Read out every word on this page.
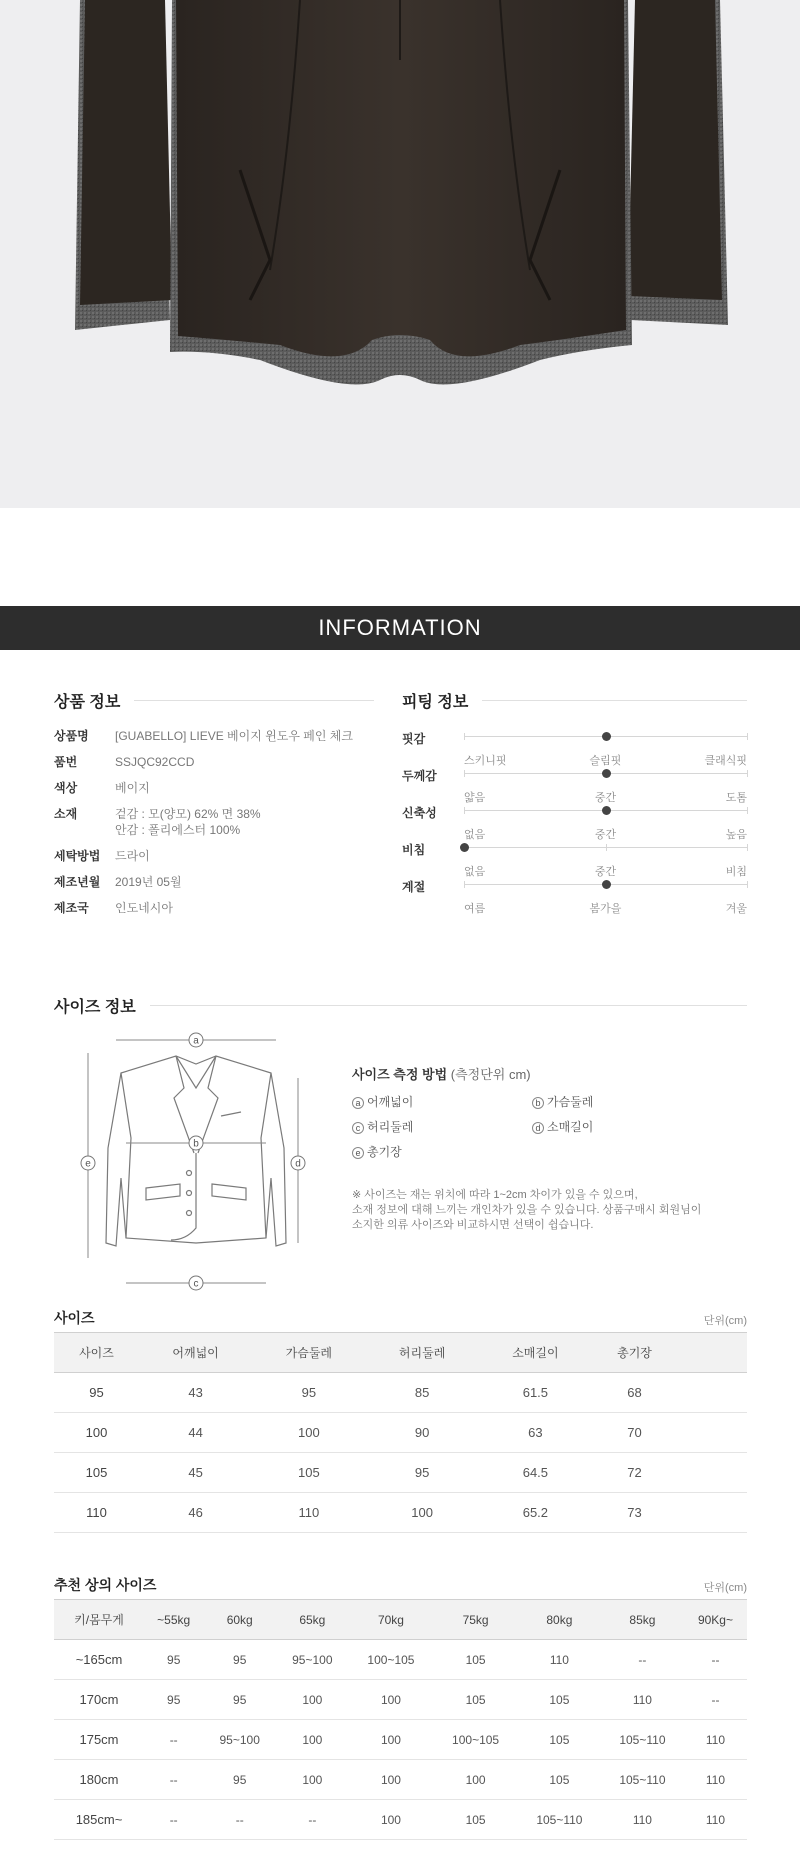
INFORMATION
상품 정보
상품명	[GUABELLO] LIEVE 베이지 윈도우 페인 체크
품번	SSJQC92CCD
색상	베이지
소재	겉감 : 모(양모) 62% 면 38%
안감 : 폴리에스터 100%
세탁방법	드라이
제조년월	2019년 05월
제조국	인도네시아
피팅 정보
핏감
스키니핏	슬림핏	클래식핏
두께감
얇음	중간	도톰
신축성
없음	중간	높음
비침
없음	중간	비침
계절
여름	봄가을	겨울
사이즈 정보
a
b
c
d
e
사이즈 측정 방법 (측정단위 cm)
a 어깨넓이	b 가슴둘레
c 허리둘레	d 소매길이
e 총기장
※ 사이즈는 재는 위치에 따라 1~2cm 차이가 있을 수 있으며,
소재 정보에 대해 느끼는 개인차가 있을 수 있습니다. 상품구매시 회원님이
소지한 의류 사이즈와 비교하시면 선택이 쉽습니다.
사이즈	단위(cm)
사이즈	어깨넓이	가슴둘레	허리둘레	소매길이	총기장	
95	43	95	85	61.5	68	
100	44	100	90	63	70	
105	45	105	95	64.5	72	
110	46	110	100	65.2	73	
추천 상의 사이즈	단위(cm)
키/몸무게	~55kg	60kg	65kg	70kg	75kg	80kg	85kg	90Kg~
~165cm	95	95	95~100	100~105	105	110	--	--
170cm	95	95	100	100	105	105	110	--
175cm	--	95~100	100	100	100~105	105	105~110	110
180cm	--	95	100	100	100	105	105~110	110
185cm~	--	--	--	100	105	105~110	110	110
